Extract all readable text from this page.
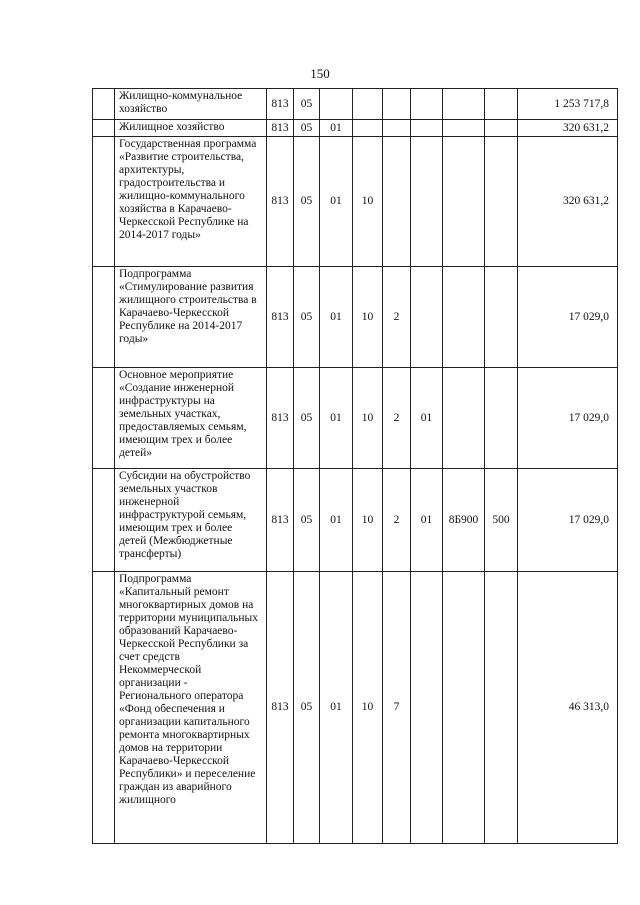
150
	Жилищно-коммунальное хозяйство	813	05							1 253 717,8
	Жилищное хозяйство	813	05	01						320 631,2
	Государственная программа «Развитие строительства, архитектуры, градостроительства и жилищно-коммунального хозяйства в Карачаево-Черкесской Республике на 2014-2017 годы»	813	05	01	10					320 631,2
	Подпрограмма «Стимулирование развития жилищного строительства в Карачаево-Черкесской Республике на 2014-2017 годы»	813	05	01	10	2				17 029,0
	Основное мероприятие «Создание инженерной инфраструктуры на земельных участках, предоставляемых семьям, имеющим трех и более детей»	813	05	01	10	2	01			17 029,0
	Субсидии на обустройство земельных участков инженерной инфраструктурой семьям, имеющим трех и более детей (Межбюджетные трансферты)	813	05	01	10	2	01	8Б900	500	17 029,0
	Подпрограмма «Капитальный ремонт многоквартирных домов на территории муниципальных образований Карачаево-Черкесской Республики за счет средств Некоммерческой организации - Регионального оператора «Фонд обеспечения и организации капитального ремонта многоквартирных домов на территории Карачаево-Черкесской Республики» и переселение граждан из аварийного жилищного	813	05	01	10	7				46 313,0
